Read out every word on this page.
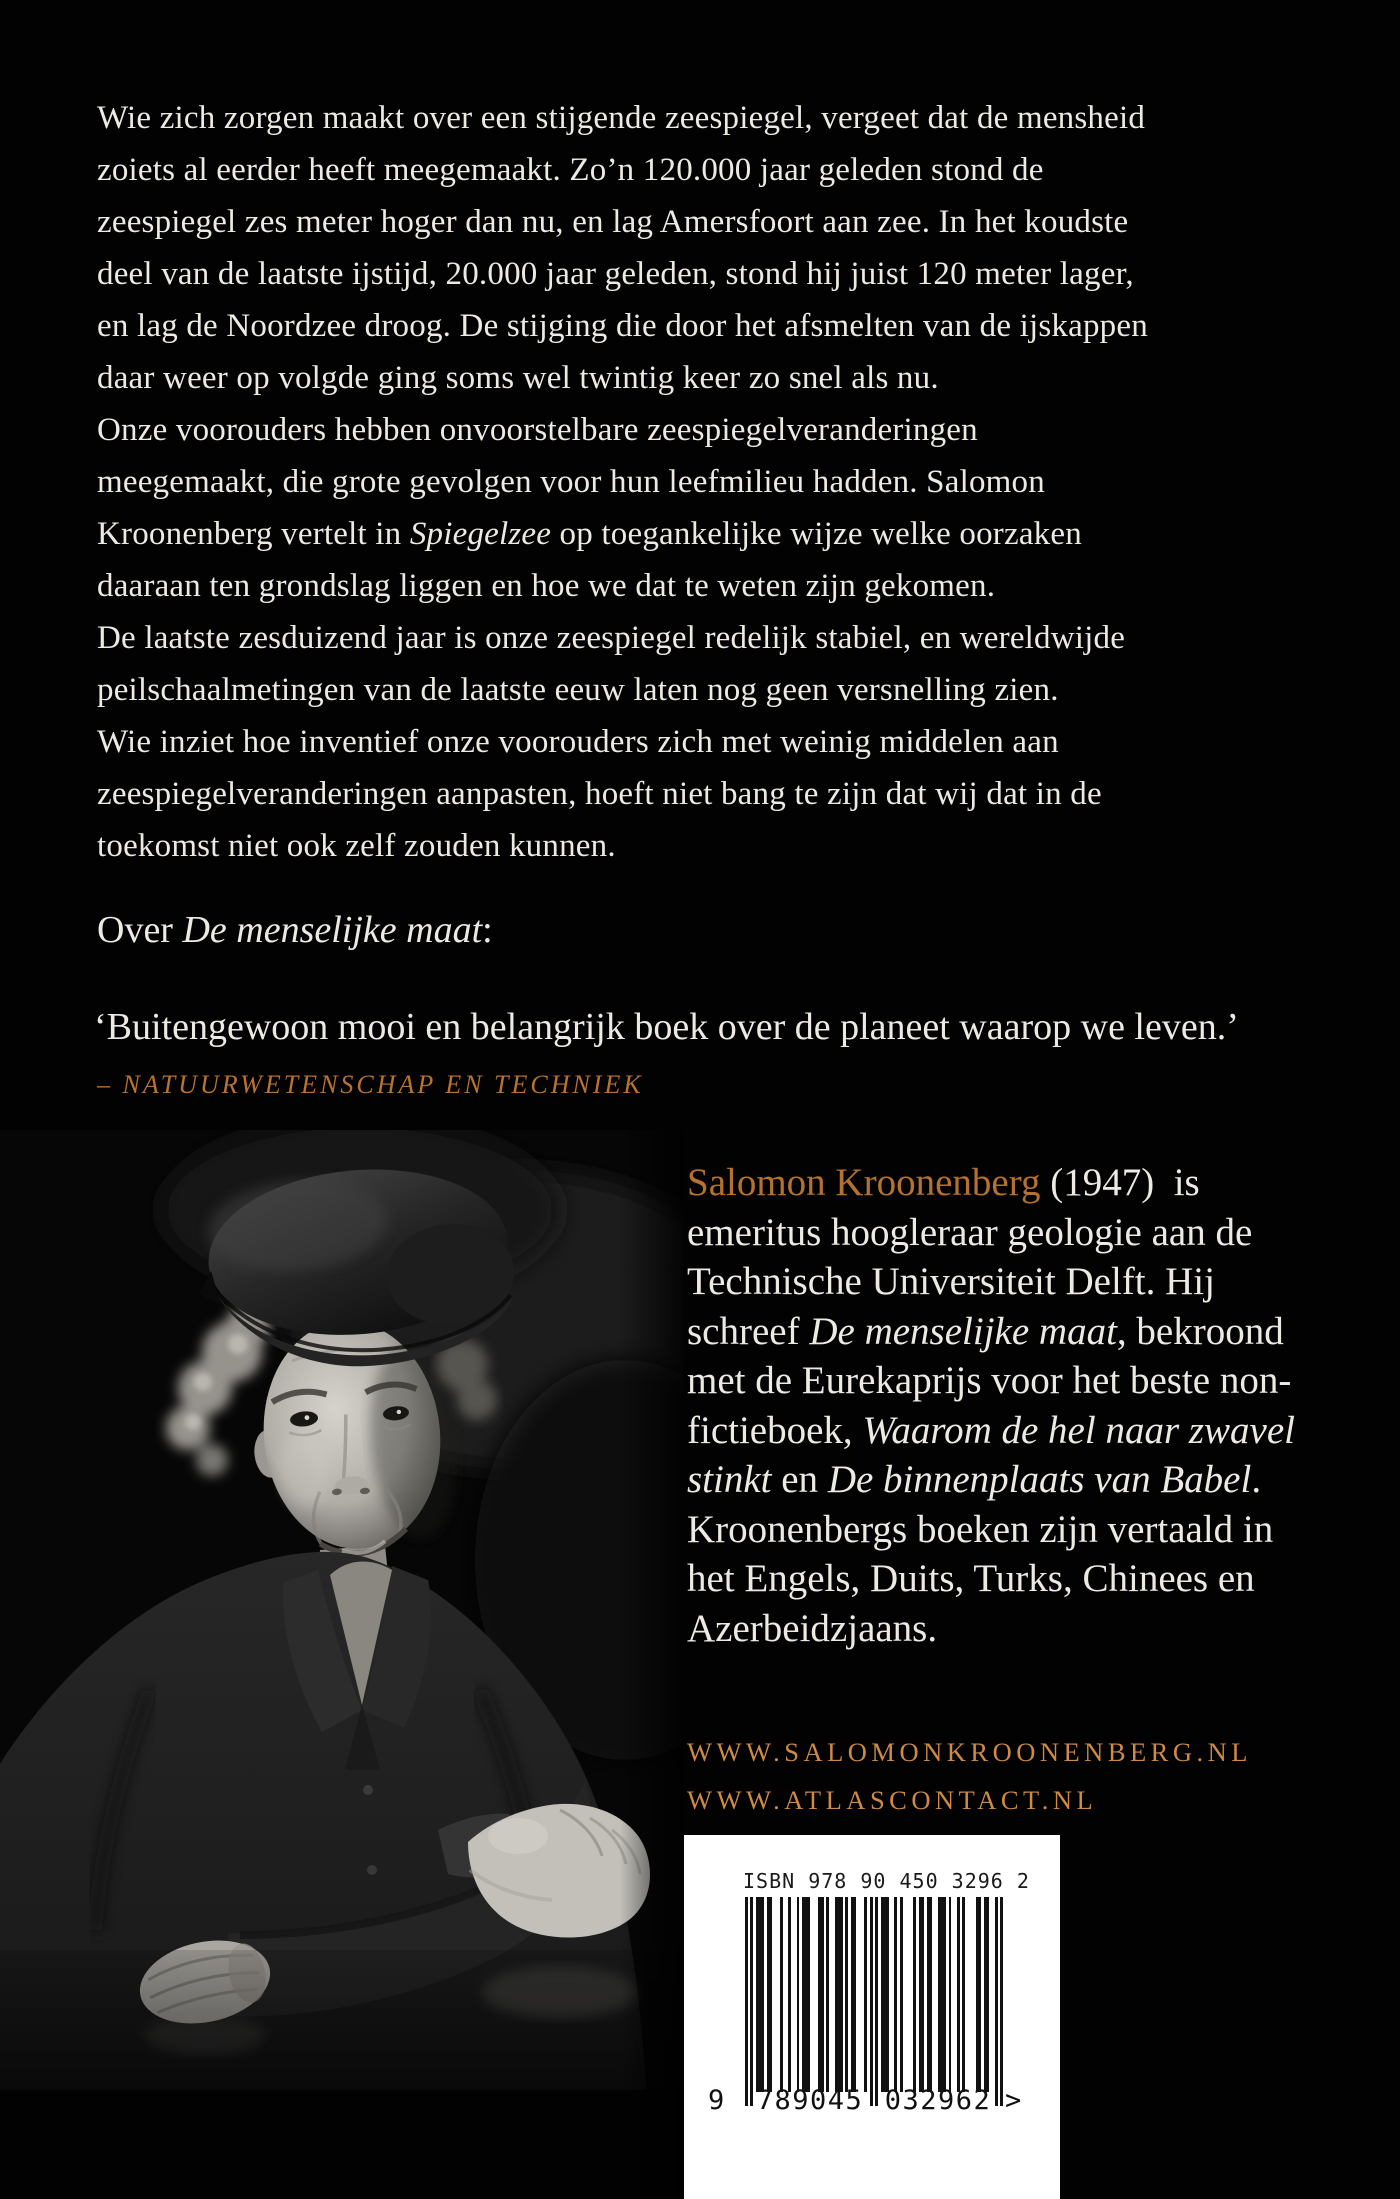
Wie zich zorgen maakt over een stijgende zeespiegel, vergeet dat de mensheid
zoiets al eerder heeft meegemaakt. Zo’n 120.000 jaar geleden stond de
zeespiegel zes meter hoger dan nu, en lag Amersfoort aan zee. In het koudste
deel van de laatste ijstijd, 20.000 jaar geleden, stond hij juist 120 meter lager,
en lag de Noordzee droog. De stijging die door het afsmelten van de ijskappen
daar weer op volgde ging soms wel twintig keer zo snel als nu.
Onze voorouders hebben onvoorstelbare zeespiegelveranderingen
meegemaakt, die grote gevolgen voor hun leefmilieu hadden. Salomon
Kroonenberg vertelt in Spiegelzee op toegankelijke wijze welke oorzaken
daaraan ten grondslag liggen en hoe we dat te weten zijn gekomen.
De laatste zesduizend jaar is onze zeespiegel redelijk stabiel, en wereldwijde
peilschaalmetingen van de laatste eeuw laten nog geen versnelling zien.
Wie inziet hoe inventief onze voorouders zich met weinig middelen aan
zeespiegelveranderingen aanpasten, hoeft niet bang te zijn dat wij dat in de
toekomst niet ook zelf zouden kunnen.
Over De menselijke maat:
‘Buitengewoon mooi en belangrijk boek over de planeet waarop we leven.’
– NATUURWETENSCHAP EN TECHNIEK
Salomon Kroonenberg (1947)  is
emeritus hoogleraar geologie aan de
Technische Universiteit Delft. Hij
schreef De menselijke maat, bekroond
met de Eurekaprijs voor het beste non-
fictieboek, Waarom de hel naar zwavel
stinkt en De binnenplaats van Babel.
Kroonenbergs boeken zijn vertaald in
het Engels, Duits, Turks, Chinees en
Azerbeidzjaans.
WWW.SALOMONKROONENBERG.NL
WWW.ATLASCONTACT.NL
ISBN 978 90 450 3296 2
9 789045 032962 >
